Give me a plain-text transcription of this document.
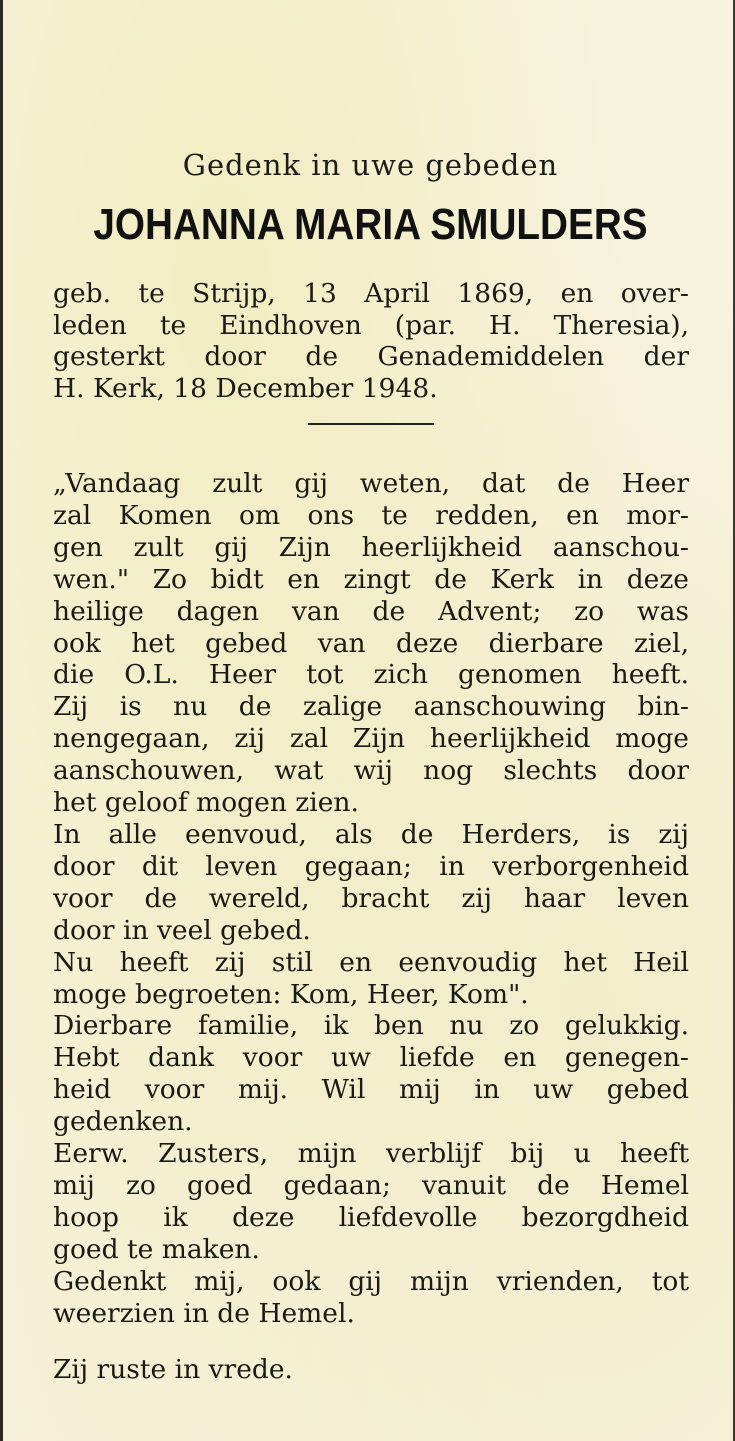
Gedenk in uwe gebeden
JOHANNA MARIA SMULDERS
geb. te Strijp, 13 April 1869, en over-
leden te Eindhoven (par. H. Theresia),
gesterkt door de Genademiddelen der
H. Kerk, 18 December 1948.
„Vandaag zult gij weten, dat de Heer
zal Komen om ons te redden, en mor-
gen zult gij Zijn heerlijkheid aanschou-
wen." Zo bidt en zingt de Kerk in deze
heilige dagen van de Advent; zo was
ook het gebed van deze dierbare ziel,
die O.L. Heer tot zich genomen heeft.
Zij is nu de zalige aanschouwing bin-
nengegaan, zij zal Zijn heerlijkheid moge
aanschouwen, wat wij nog slechts door
het geloof mogen zien.
In alle eenvoud, als de Herders, is zij
door dit leven gegaan; in verborgenheid
voor de wereld, bracht zij haar leven
door in veel gebed.
Nu heeft zij stil en eenvoudig het Heil
moge begroeten: Kom, Heer, Kom".
Dierbare familie, ik ben nu zo gelukkig.
Hebt dank voor uw liefde en genegen-
heid voor mij. Wil mij in uw gebed
gedenken.
Eerw. Zusters, mijn verblijf bij u heeft
mij zo goed gedaan; vanuit de Hemel
hoop ik deze liefdevolle bezorgdheid
goed te maken.
Gedenkt mij, ook gij mijn vrienden, tot
weerzien in de Hemel.
Zij ruste in vrede.
